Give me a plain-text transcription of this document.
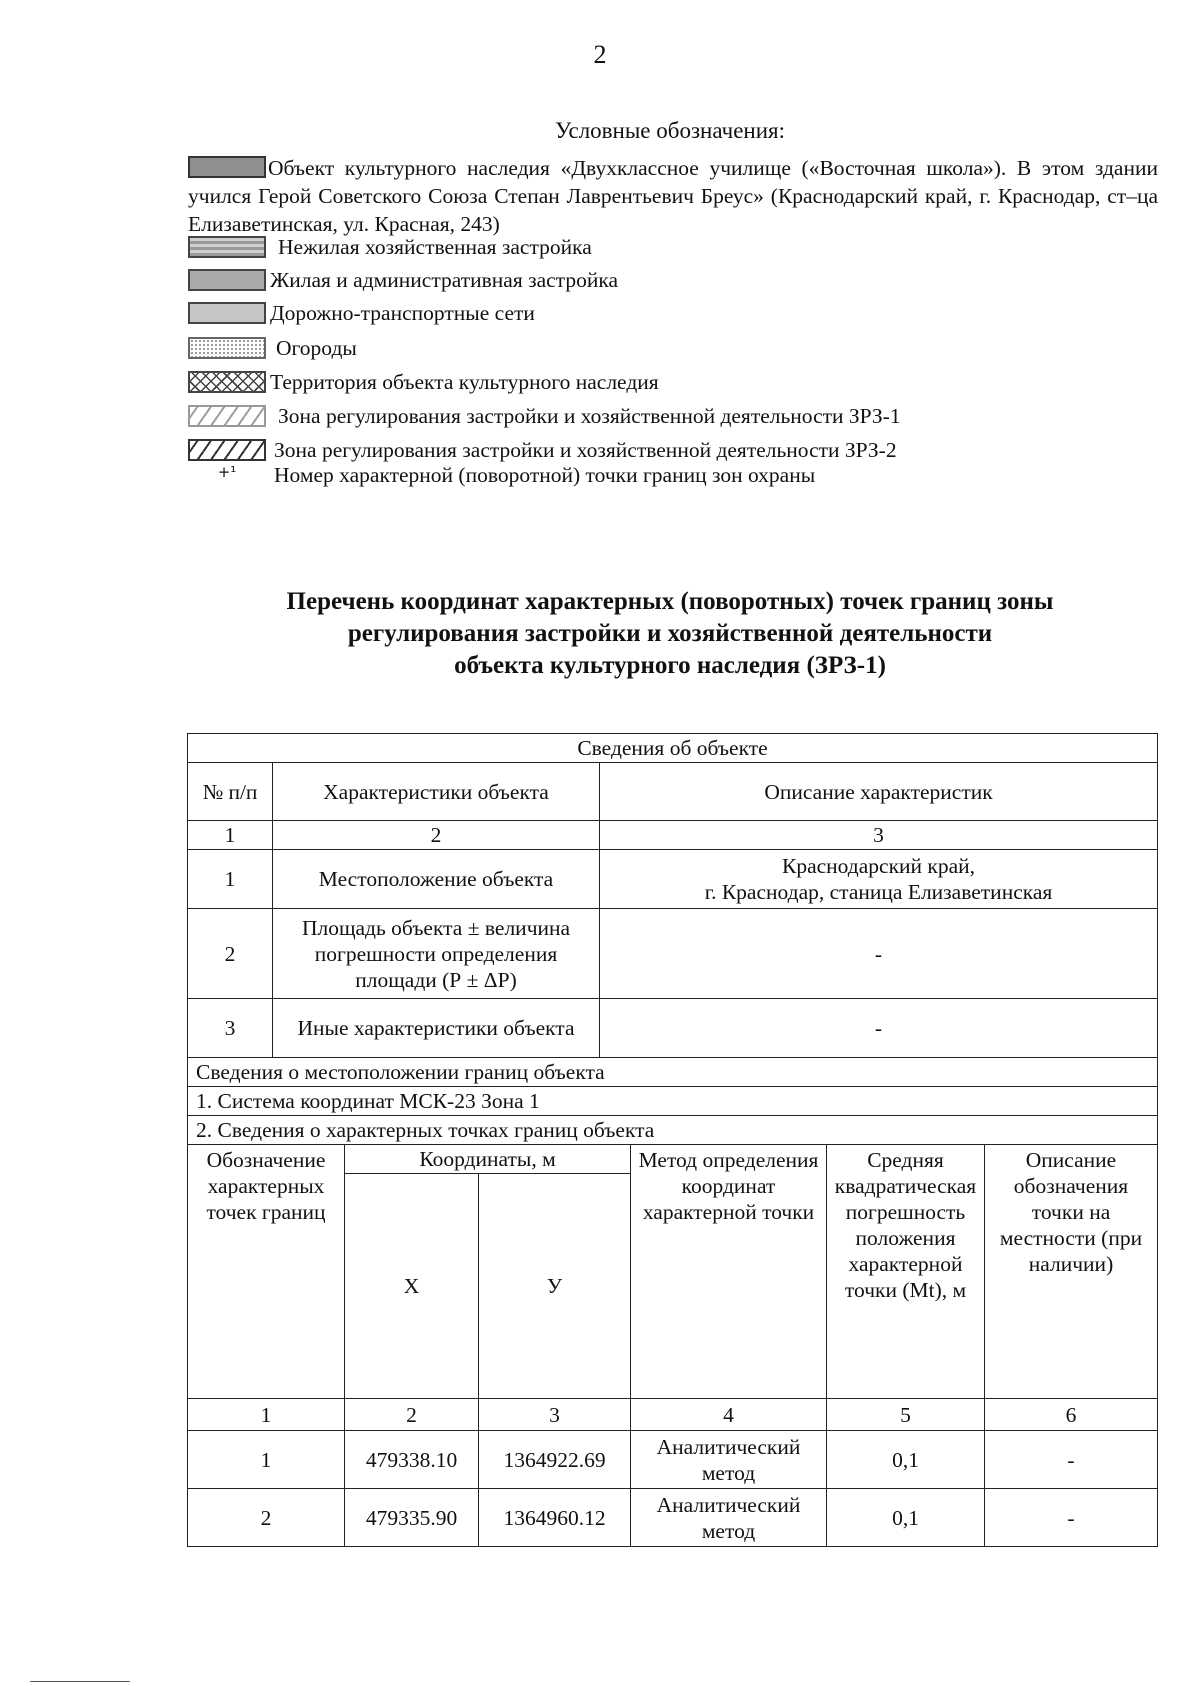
2
Условные обозначения:
Объект культурного наследия «Двухклассное училище («Восточная школа»). В этом здании учился Герой Советского Союза Степан Лаврентьевич Бреус» (Краснодарский край, г. Краснодар, ст–ца Елизаветинская, ул. Красная, 243)
Нежилая хозяйственная застройка
Жилая и административная застройка
Дорожно-транспортные сети
Огороды
Территория объекта культурного наследия
Зона регулирования застройки и хозяйственной деятельности ЗРЗ-1
Зона регулирования застройки и хозяйственной деятельности ЗРЗ-2
+¹	Номер характерной (поворотной) точки границ зон охраны
Перечень координат характерных (поворотных) точек границ зоны
регулирования застройки и хозяйственной деятельности
объекта культурного наследия (ЗРЗ-1)
Сведения об объекте		
№ п/п	Характеристики объекта	Описание характеристик
1	2	3
1	Местоположение объекта	Краснодарский край,
г. Краснодар, станица Елизаветинская

2	Площадь объекта ± величина погрешности определения площади (Р ± ΔР)	-
3	Иные характеристики объекта	-
Сведения о местоположении границ объекта		
1. Система координат МСК-23 Зона 1		
2. Сведения о характерных точках границ объекта		
Обозначение характерных точек границ	Координаты, м		Метод определения координат характерной точки	Средняя квадратическая погрешность положения характерной точки (Мt), м	Описание обозначения точки на местности (при наличии)
	Х	У			
1	2	3	4	5	6
1	479338.10	1364922.69	Аналитический метод	0,1	-
2	479335.90	1364960.12	Аналитический метод	0,1	-
